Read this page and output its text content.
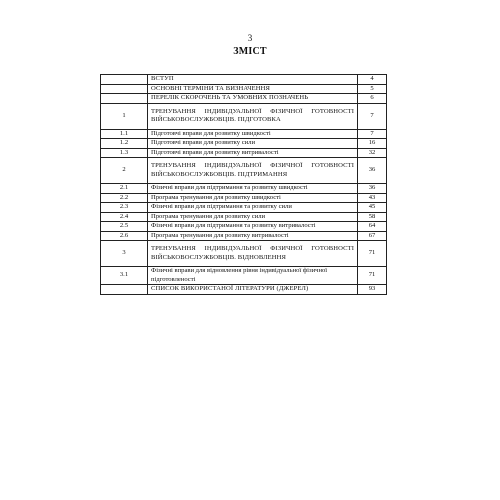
3
ЗМІСТ
	ВСТУП	4
	ОСНОВНІ ТЕРМІНИ ТА ВИЗНАЧЕННЯ	5
	ПЕРЕЛІК СКОРОЧЕНЬ ТА УМОВНИХ ПОЗНАЧЕНЬ	6
1	ТРЕНУВАННЯ ІНДИВІДУАЛЬНОЇ ФІЗИЧНОЇ ГОТОВНОСТІ ВІЙСЬКОВОСЛУЖБОВЦІВ. ПІДГОТОВКА	7
1.1	Підготовчі вправи для розвитку швидкості	7
1.2	Підготовчі вправи для розвитку сили	16
1.3	Підготовчі вправи для розвитку витривалості	32
2	ТРЕНУВАННЯ ІНДИВІДУАЛЬНОЇ ФІЗИЧНОЇ ГОТОВНОСТІ ВІЙСЬКОВОСЛУЖБОВЦІВ. ПІДТРИМАННЯ	36
2.1	Фізичні вправи для підтримання та розвитку швидкості	36
2.2	Програма тренування для розвитку швидкості	43
2.3	Фізичні вправи для підтримання та розвитку сили	45
2.4	Програма тренування для розвитку сили	58
2.5	Фізичні вправи для підтримання та розвитку витривалості	64
2.6	Програма тренування для розвитку витривалості	67
3	ТРЕНУВАННЯ ІНДИВІДУАЛЬНОЇ ФІЗИЧНОЇ ГОТОВНОСТІ ВІЙСЬКОВОСЛУЖБОВЦІВ. ВІДНОВЛЕННЯ	71
3.1	Фізичні вправи для відновлення рівня індивідуальної фізичної підготовленості	71
	СПИСОК ВИКОРИСТАНОЇ ЛІТЕРАТУРИ (ДЖЕРЕЛ)	93
